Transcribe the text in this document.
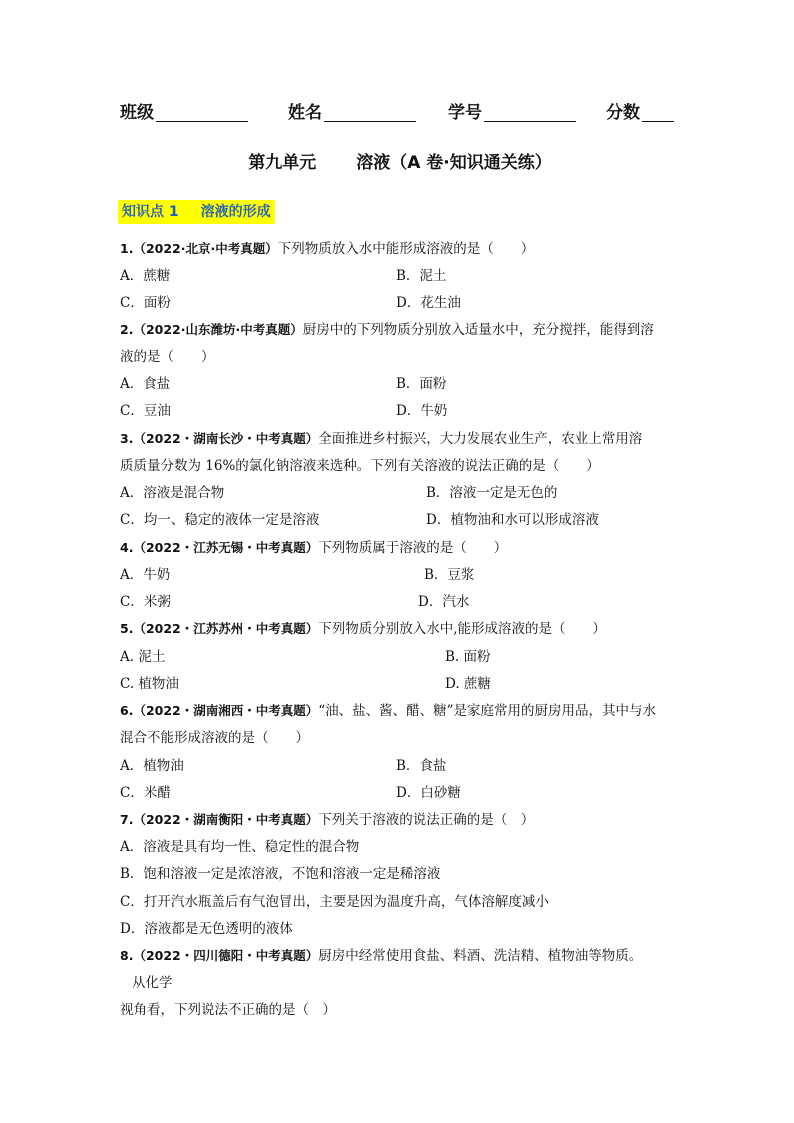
班级	姓名	学号	分数
第九单元 溶液（A 卷·知识通关练）
知识点 1 溶液的形成
1.（2022·北京·中考真题）下列物质放入水中能形成溶液的是（　　）
A．蔗糖	B．泥土
C．面粉	D．花生油
2.（2022·山东潍坊·中考真题）厨房中的下列物质分别放入适量水中，充分搅拌，能得到溶
液的是（　　）
A．食盐	B．面粉
C．豆油	D．牛奶
3.（2022・湖南长沙・中考真题）全面推进乡村振兴，大力发展农业生产，农业上常用溶
质质量分数为 16%的氯化钠溶液来选种。下列有关溶液的说法正确的是（　　）
A．溶液是混合物	B．溶液一定是无色的
C．均一、稳定的液体一定是溶液	D．植物油和水可以形成溶液
4.（2022・江苏无锡・中考真题）下列物质属于溶液的是（　　）
A．牛奶	B．豆浆
C．米粥	D．汽水
5.（2022・江苏苏州・中考真题）下列物质分别放入水中,能形成溶液的是（　　）
A. 泥土	B. 面粉
C. 植物油	D. 蔗糖
6.（2022・湖南湘西・中考真题）“油、盐、酱、醋、糖”是家庭常用的厨房用品，其中与水
混合不能形成溶液的是（　　）
A．植物油	B．食盐
C．米醋	D．白砂糖
7.（2022・湖南衡阳・中考真题）下列关于溶液的说法正确的是（　）
A．溶液是具有均一性、稳定性的混合物
B．饱和溶液一定是浓溶液，不饱和溶液一定是稀溶液
C．打开汽水瓶盖后有气泡冒出，主要是因为温度升高，气体溶解度减小
D．溶液都是无色透明的液体
8.（2022・四川德阳・中考真题）厨房中经常使用食盐、料酒、洗洁精、植物油等物质。
从化学
视角看，下列说法不正确的是（　）
